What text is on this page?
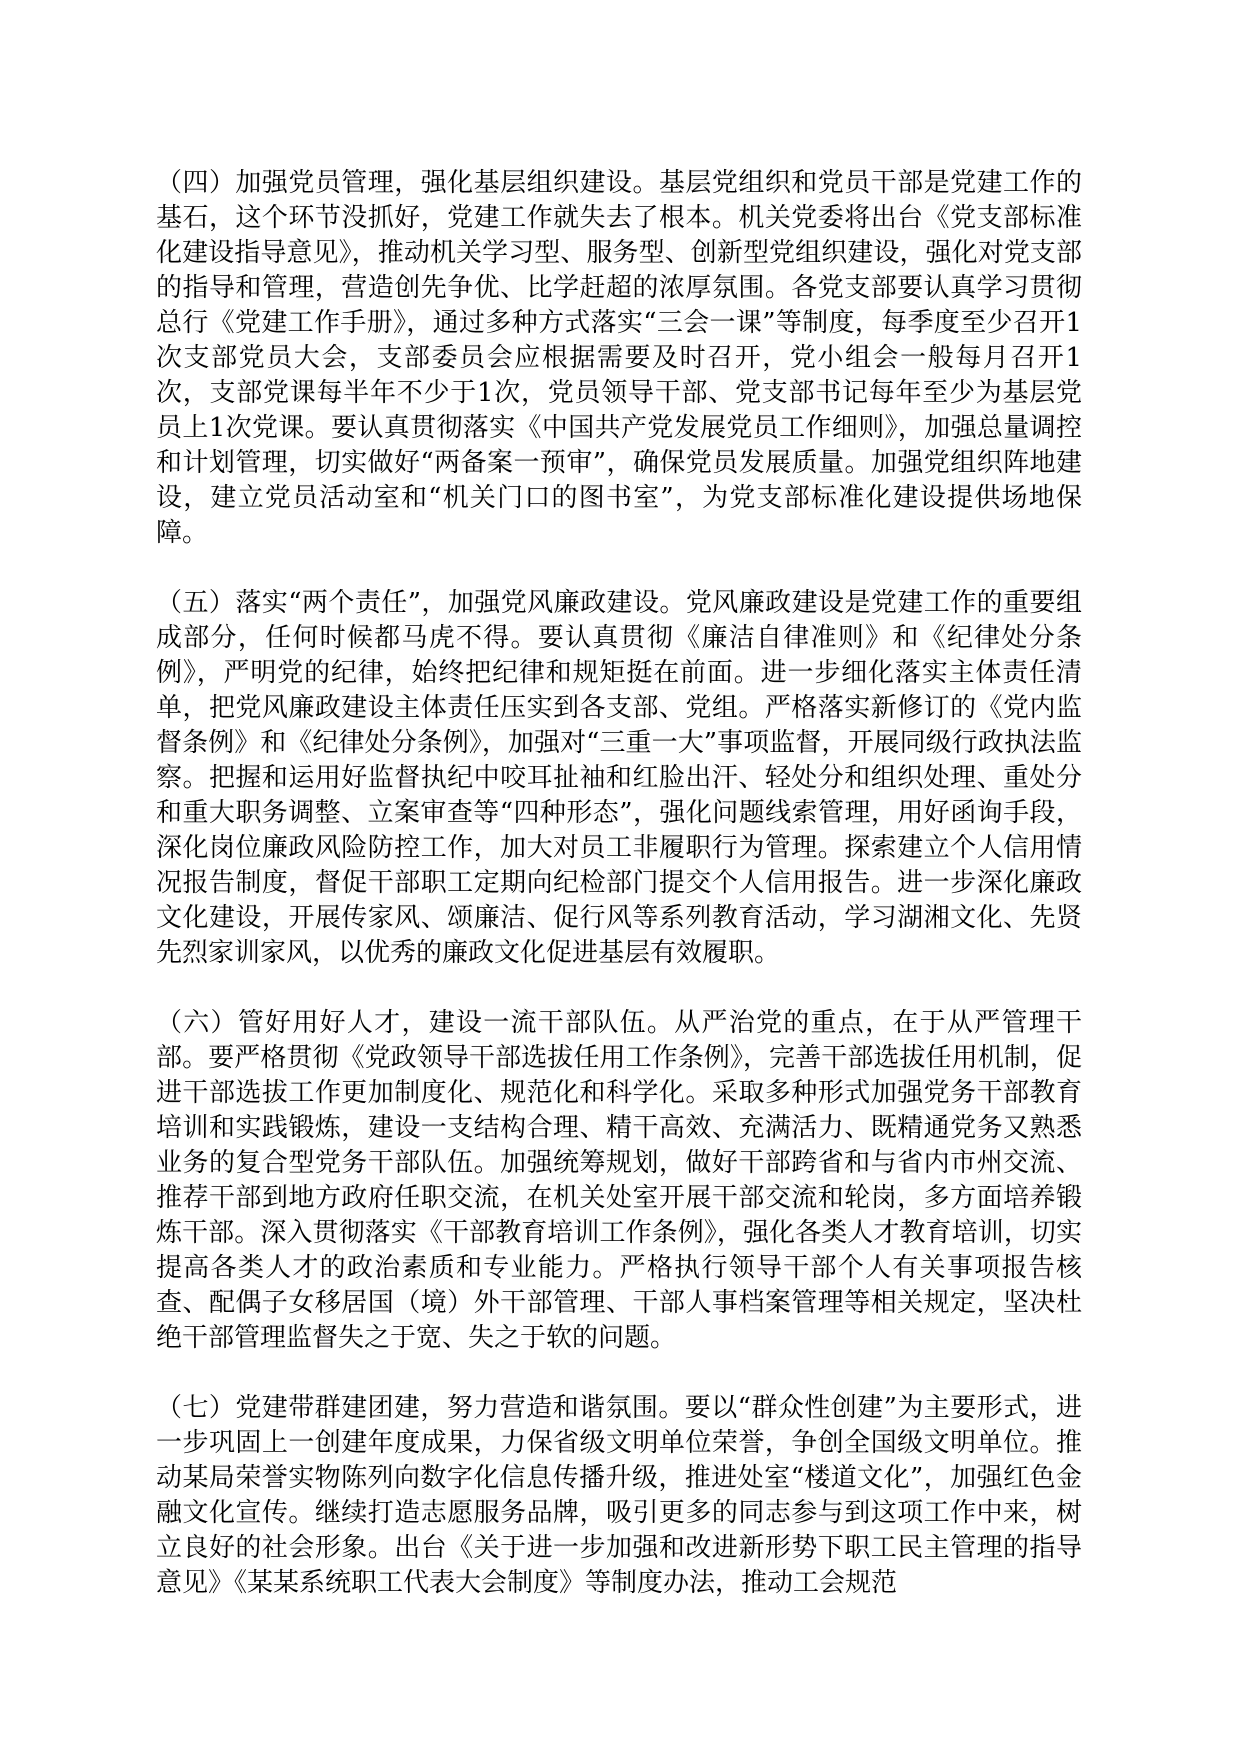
（四）加强党员管理，强化基层组织建设。基层党组织和党员干部是党建工作的基石，这个环节没抓好，党建工作就失去了根本。机关党委将出台《党支部标准化建设指导意见》，推动机关学习型、服务型、创新型党组织建设，强化对党支部的指导和管理，营造创先争优、比学赶超的浓厚氛围。各党支部要认真学习贯彻总行《党建工作手册》，通过多种方式落实“三会一课”等制度，每季度至少召开1次支部党员大会，支部委员会应根据需要及时召开，党小组会一般每月召开1次，支部党课每半年不少于1次，党员领导干部、党支部书记每年至少为基层党员上1次党课。要认真贯彻落实《中国共产党发展党员工作细则》，加强总量调控和计划管理，切实做好“两备案一预审”，确保党员发展质量。加强党组织阵地建设，建立党员活动室和“机关门口的图书室”，为党支部标准化建设提供场地保障。

（五）落实“两个责任”，加强党风廉政建设。党风廉政建设是党建工作的重要组成部分，任何时候都马虎不得。要认真贯彻《廉洁自律准则》和《纪律处分条例》，严明党的纪律，始终把纪律和规矩挺在前面。进一步细化落实主体责任清单，把党风廉政建设主体责任压实到各支部、党组。严格落实新修订的《党内监督条例》和《纪律处分条例》，加强对“三重一大”事项监督，开展同级行政执法监察。把握和运用好监督执纪中咬耳扯袖和红脸出汗、轻处分和组织处理、重处分和重大职务调整、立案审查等“四种形态”，强化问题线索管理，用好函询手段，深化岗位廉政风险防控工作，加大对员工非履职行为管理。探索建立个人信用情况报告制度，督促干部职工定期向纪检部门提交个人信用报告。进一步深化廉政文化建设，开展传家风、颂廉洁、促行风等系列教育活动，学习湖湘文化、先贤先烈家训家风，以优秀的廉政文化促进基层有效履职。

（六）管好用好人才，建设一流干部队伍。从严治党的重点，在于从严管理干部。要严格贯彻《党政领导干部选拔任用工作条例》，完善干部选拔任用机制，促进干部选拔工作更加制度化、规范化和科学化。采取多种形式加强党务干部教育培训和实践锻炼，建设一支结构合理、精干高效、充满活力、既精通党务又熟悉业务的复合型党务干部队伍。加强统筹规划，做好干部跨省和与省内市州交流、推荐干部到地方政府任职交流，在机关处室开展干部交流和轮岗，多方面培养锻炼干部。深入贯彻落实《干部教育培训工作条例》，强化各类人才教育培训，切实提高各类人才的政治素质和专业能力。严格执行领导干部个人有关事项报告核查、配偶子女移居国（境）外干部管理、干部人事档案管理等相关规定，坚决杜绝干部管理监督失之于宽、失之于软的问题。

（七）党建带群建团建，努力营造和谐氛围。要以“群众性创建”为主要形式，进一步巩固上一创建年度成果，力保省级文明单位荣誉，争创全国级文明单位。推动某局荣誉实物陈列向数字化信息传播升级，推进处室“楼道文化”，加强红色金融文化宣传。继续打造志愿服务品牌，吸引更多的同志参与到这项工作中来，树立良好的社会形象。出台《关于进一步加强和改进新形势下职工民主管理的指导意见》《某某系统职工代表大会制度》等制度办法，推动工会规范
